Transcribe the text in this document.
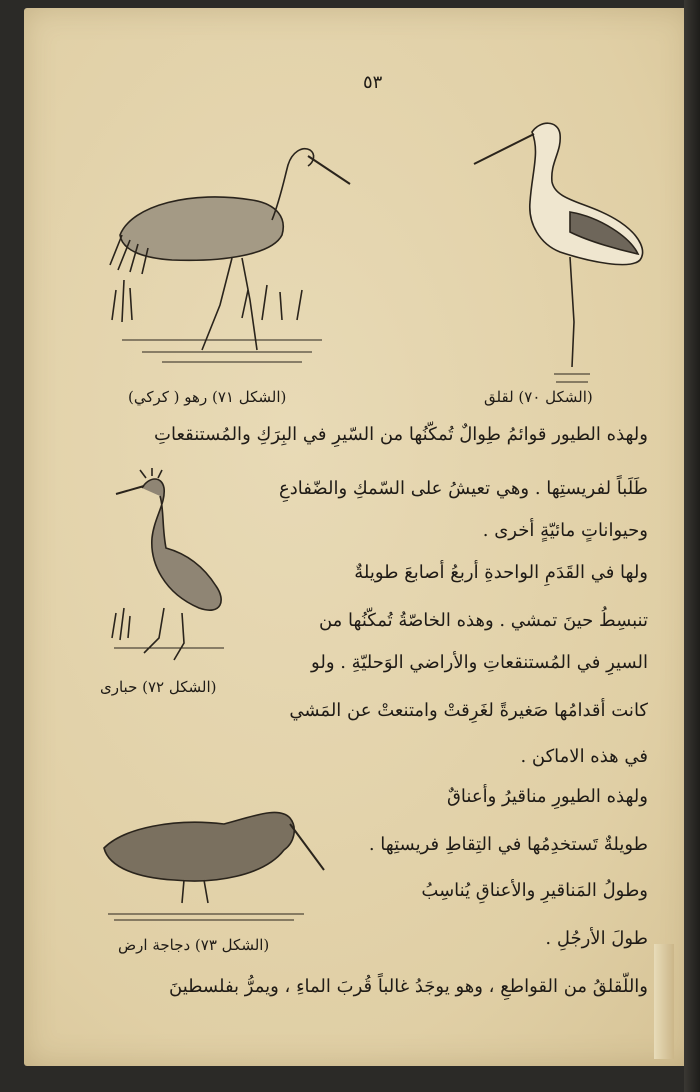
٥٣
(الشكل ٧٠) لقلق
(الشكل ٧١) رهو ( كركي)
ولهذه الطيور قوائمُ طِوالٌ تُمكّنُها من السّيرِ في البِرَكِ والمُستنقعاتِ
طَلَباً لفريستِها . وهي تعيشُ على السّمكِ والضّفادعِ
(الشكل ٧٢) حبارى
وحيواناتٍ مائيّةٍ أخرى .
ولها في القَدَمِ الواحدةِ أربعُ أصابعَ طويلةٌ
تنبسِطُ حينَ تمشي . وهذه الخاصّةُ تُمكّنُها من
السيرِ في المُستنقعاتِ والأراضي الوَحليّةِ . ولو
كانت أقدامُها صَغيرةً لغَرِقتْ وامتنعتْ عن المَشي
في هذه الاماكن .
ولهذه الطيورِ مناقيرُ وأعناقٌ
طويلةٌ تَستخدِمُها في التِقاطِ فريستِها .
وطولُ المَناقيرِ والأعناقِ يُناسِبُ
(الشكل ٧٣) دجاجة ارض	طولَ الأرجُلِ .
واللّقلقُ من القواطعِ ، وهو يوجَدُ غالباً قُربَ الماءِ ، ويمرُّ بفلسطينَ
